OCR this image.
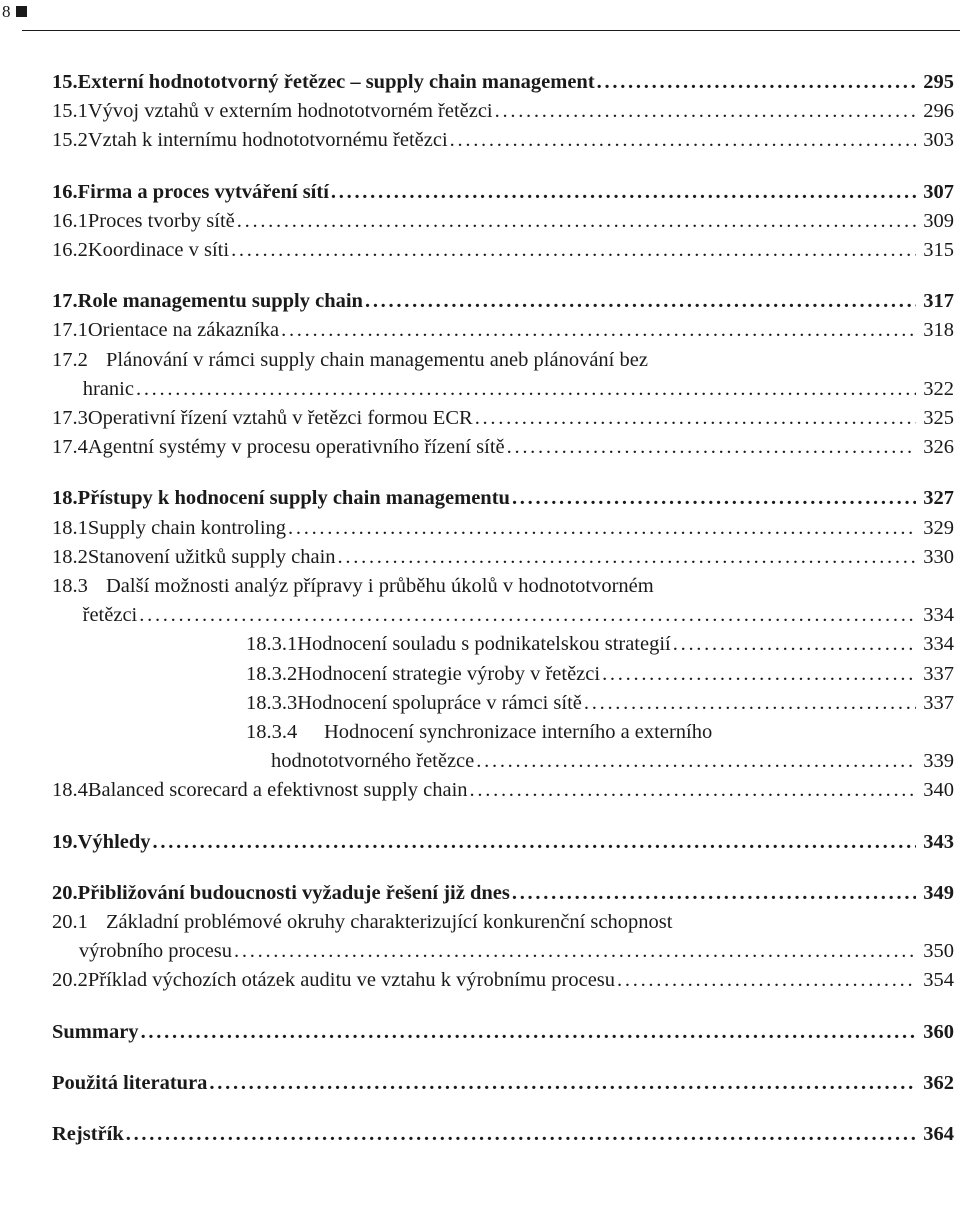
8
15. Externí hodnototvorný řetězec – supply chain management . . .	295
15.1 Vývoj vztahů v externím hodnototvorném řetězci . . .	296
15.2 Vztah k internímu hodnototvornému řetězci . . .	303
16. Firma a proces vytváření sítí . . .	307
16.1 Proces tvorby sítě . . .	309
16.2 Koordinace v síti . . .	315
17. Role managementu supply chain . . .	317
17.1 Orientace na zákazníka . . .	318
17.2 Plánování v rámci supply chain managementu aneb plánování bez
hranic . . .	322
17.3 Operativní řízení vztahů v řetězci formou ECR . . .	325
17.4 Agentní systémy v procesu operativního řízení sítě . . .	326
18. Přístupy k hodnocení supply chain managementu . . .	327
18.1 Supply chain kontroling . . .	329
18.2 Stanovení užitků supply chain . . .	330
18.3 Další možnosti analýz přípravy i průběhu úkolů v hodnototvorném
řetězci . . .	334
18.3.1 Hodnocení souladu s podnikatelskou strategií . . .	334
18.3.2 Hodnocení strategie výroby v řetězci . . .	337
18.3.3 Hodnocení spolupráce v rámci sítě . . .	337
18.3.4	Hodnocení synchronizace interního a externího
hodnototvorného řetězce . . .	339
18.4 Balanced scorecard a efektivnost supply chain . . .	340
19. Výhledy . . .	343
20. Přibližování budoucnosti vyžaduje řešení již dnes . . .	349
20.1 Základní problémové okruhy charakterizující konkurenční schopnost
výrobního procesu . . .	350
20.2 Příklad výchozích otázek auditu ve vztahu k výrobnímu procesu . . .	354
Summary . . .	360
Použitá literatura . . .	362
Rejstřík . . .	364
